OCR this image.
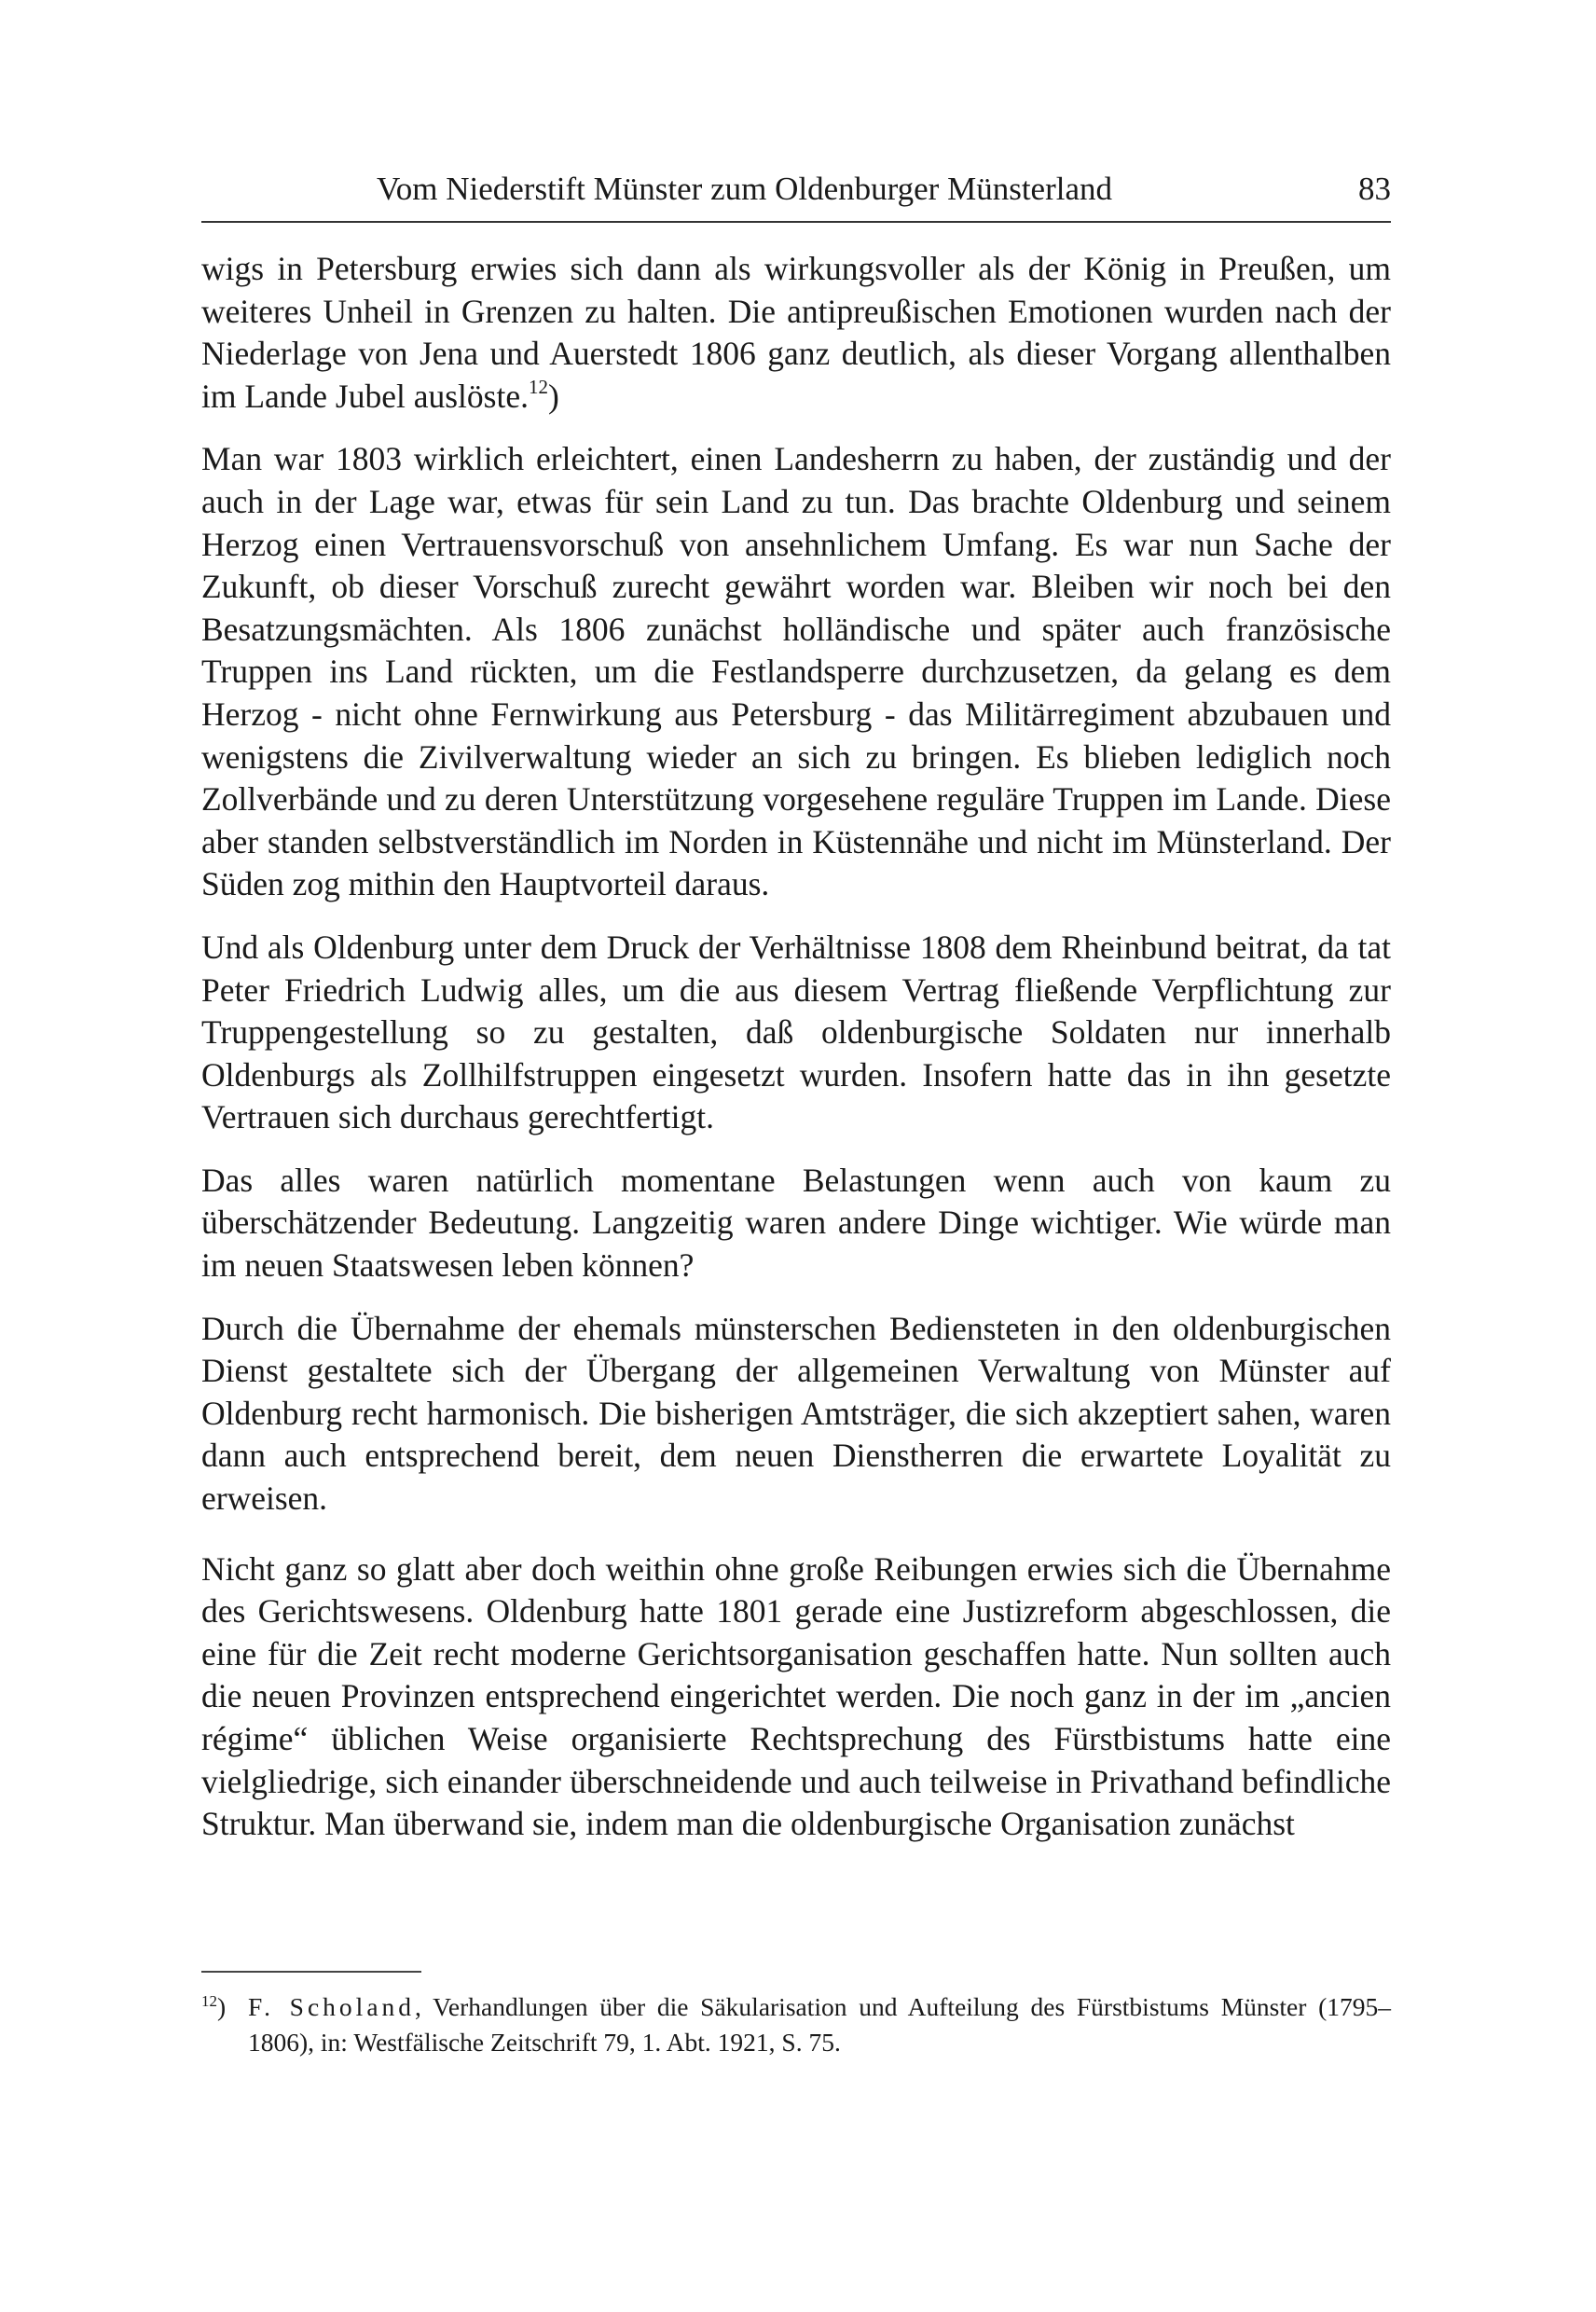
Vom Niederstift Münster zum Oldenburger Münsterland	83

wigs in Petersburg erwies sich dann als wirkungsvoller als der König in Preußen, um weiteres Unheil in Grenzen zu halten. Die antipreußischen Emotionen wurden nach der Niederlage von Jena und Auerstedt 1806 ganz deutlich, als dieser Vorgang allenthalben im Lande Jubel auslöste.$^{12}$)

Man war 1803 wirklich erleichtert, einen Landesherrn zu haben, der zuständig und der auch in der Lage war, etwas für sein Land zu tun. Das brachte Oldenburg und seinem Herzog einen Vertrauensvorschuß von ansehnlichem Umfang. Es war nun Sache der Zukunft, ob dieser Vorschuß zurecht gewährt worden war. Bleiben wir noch bei den Besatzungsmächten. Als 1806 zunächst holländische und später auch französische Truppen ins Land rückten, um die Festlandsperre durchzusetzen, da gelang es dem Herzog - nicht ohne Fernwirkung aus Petersburg - das Militärregiment abzubauen und wenigstens die Zivilverwaltung wieder an sich zu bringen. Es blieben lediglich noch Zollverbände und zu deren Unterstützung vorgesehene reguläre Truppen im Lande. Diese aber standen selbstverständlich im Norden in Küstennähe und nicht im Münsterland. Der Süden zog mithin den Hauptvorteil daraus.

Und als Oldenburg unter dem Druck der Verhältnisse 1808 dem Rheinbund beitrat, da tat Peter Friedrich Ludwig alles, um die aus diesem Vertrag fließende Verpflichtung zur Truppengestellung so zu gestalten, daß oldenburgische Soldaten nur innerhalb Oldenburgs als Zollhilfstruppen eingesetzt wurden. Insofern hatte das in ihn gesetzte Vertrauen sich durchaus gerechtfertigt.

Das alles waren natürlich momentane Belastungen wenn auch von kaum zu überschätzender Bedeutung. Langzeitig waren andere Dinge wichtiger. Wie würde man im neuen Staatswesen leben können?

Durch die Übernahme der ehemals münsterschen Bediensteten in den oldenburgischen Dienst gestaltete sich der Übergang der allgemeinen Verwaltung von Münster auf Oldenburg recht harmonisch. Die bisherigen Amtsträger, die sich akzeptiert sahen, waren dann auch entsprechend bereit, dem neuen Dienstherren die erwartete Loyalität zu erweisen.

Nicht ganz so glatt aber doch weithin ohne große Reibungen erwies sich die Übernahme des Gerichtswesens. Oldenburg hatte 1801 gerade eine Justizreform abgeschlossen, die eine für die Zeit recht moderne Gerichtsorganisation geschaffen hatte. Nun sollten auch die neuen Provinzen entsprechend eingerichtet werden. Die noch ganz in der im „ancien régime“ üblichen Weise organisierte Rechtsprechung des Fürstbistums hatte eine vielgliedrige, sich einander überschneidende und auch teilweise in Privathand befindliche Struktur. Man überwand sie, indem man die oldenburgische Organisation zunächst

$^{12}$) F. Scholand, Verhandlungen über die Säkularisation und Aufteilung des Fürstbistums Münster (1795–1806), in: Westfälische Zeitschrift 79, 1. Abt. 1921, S. 75.
